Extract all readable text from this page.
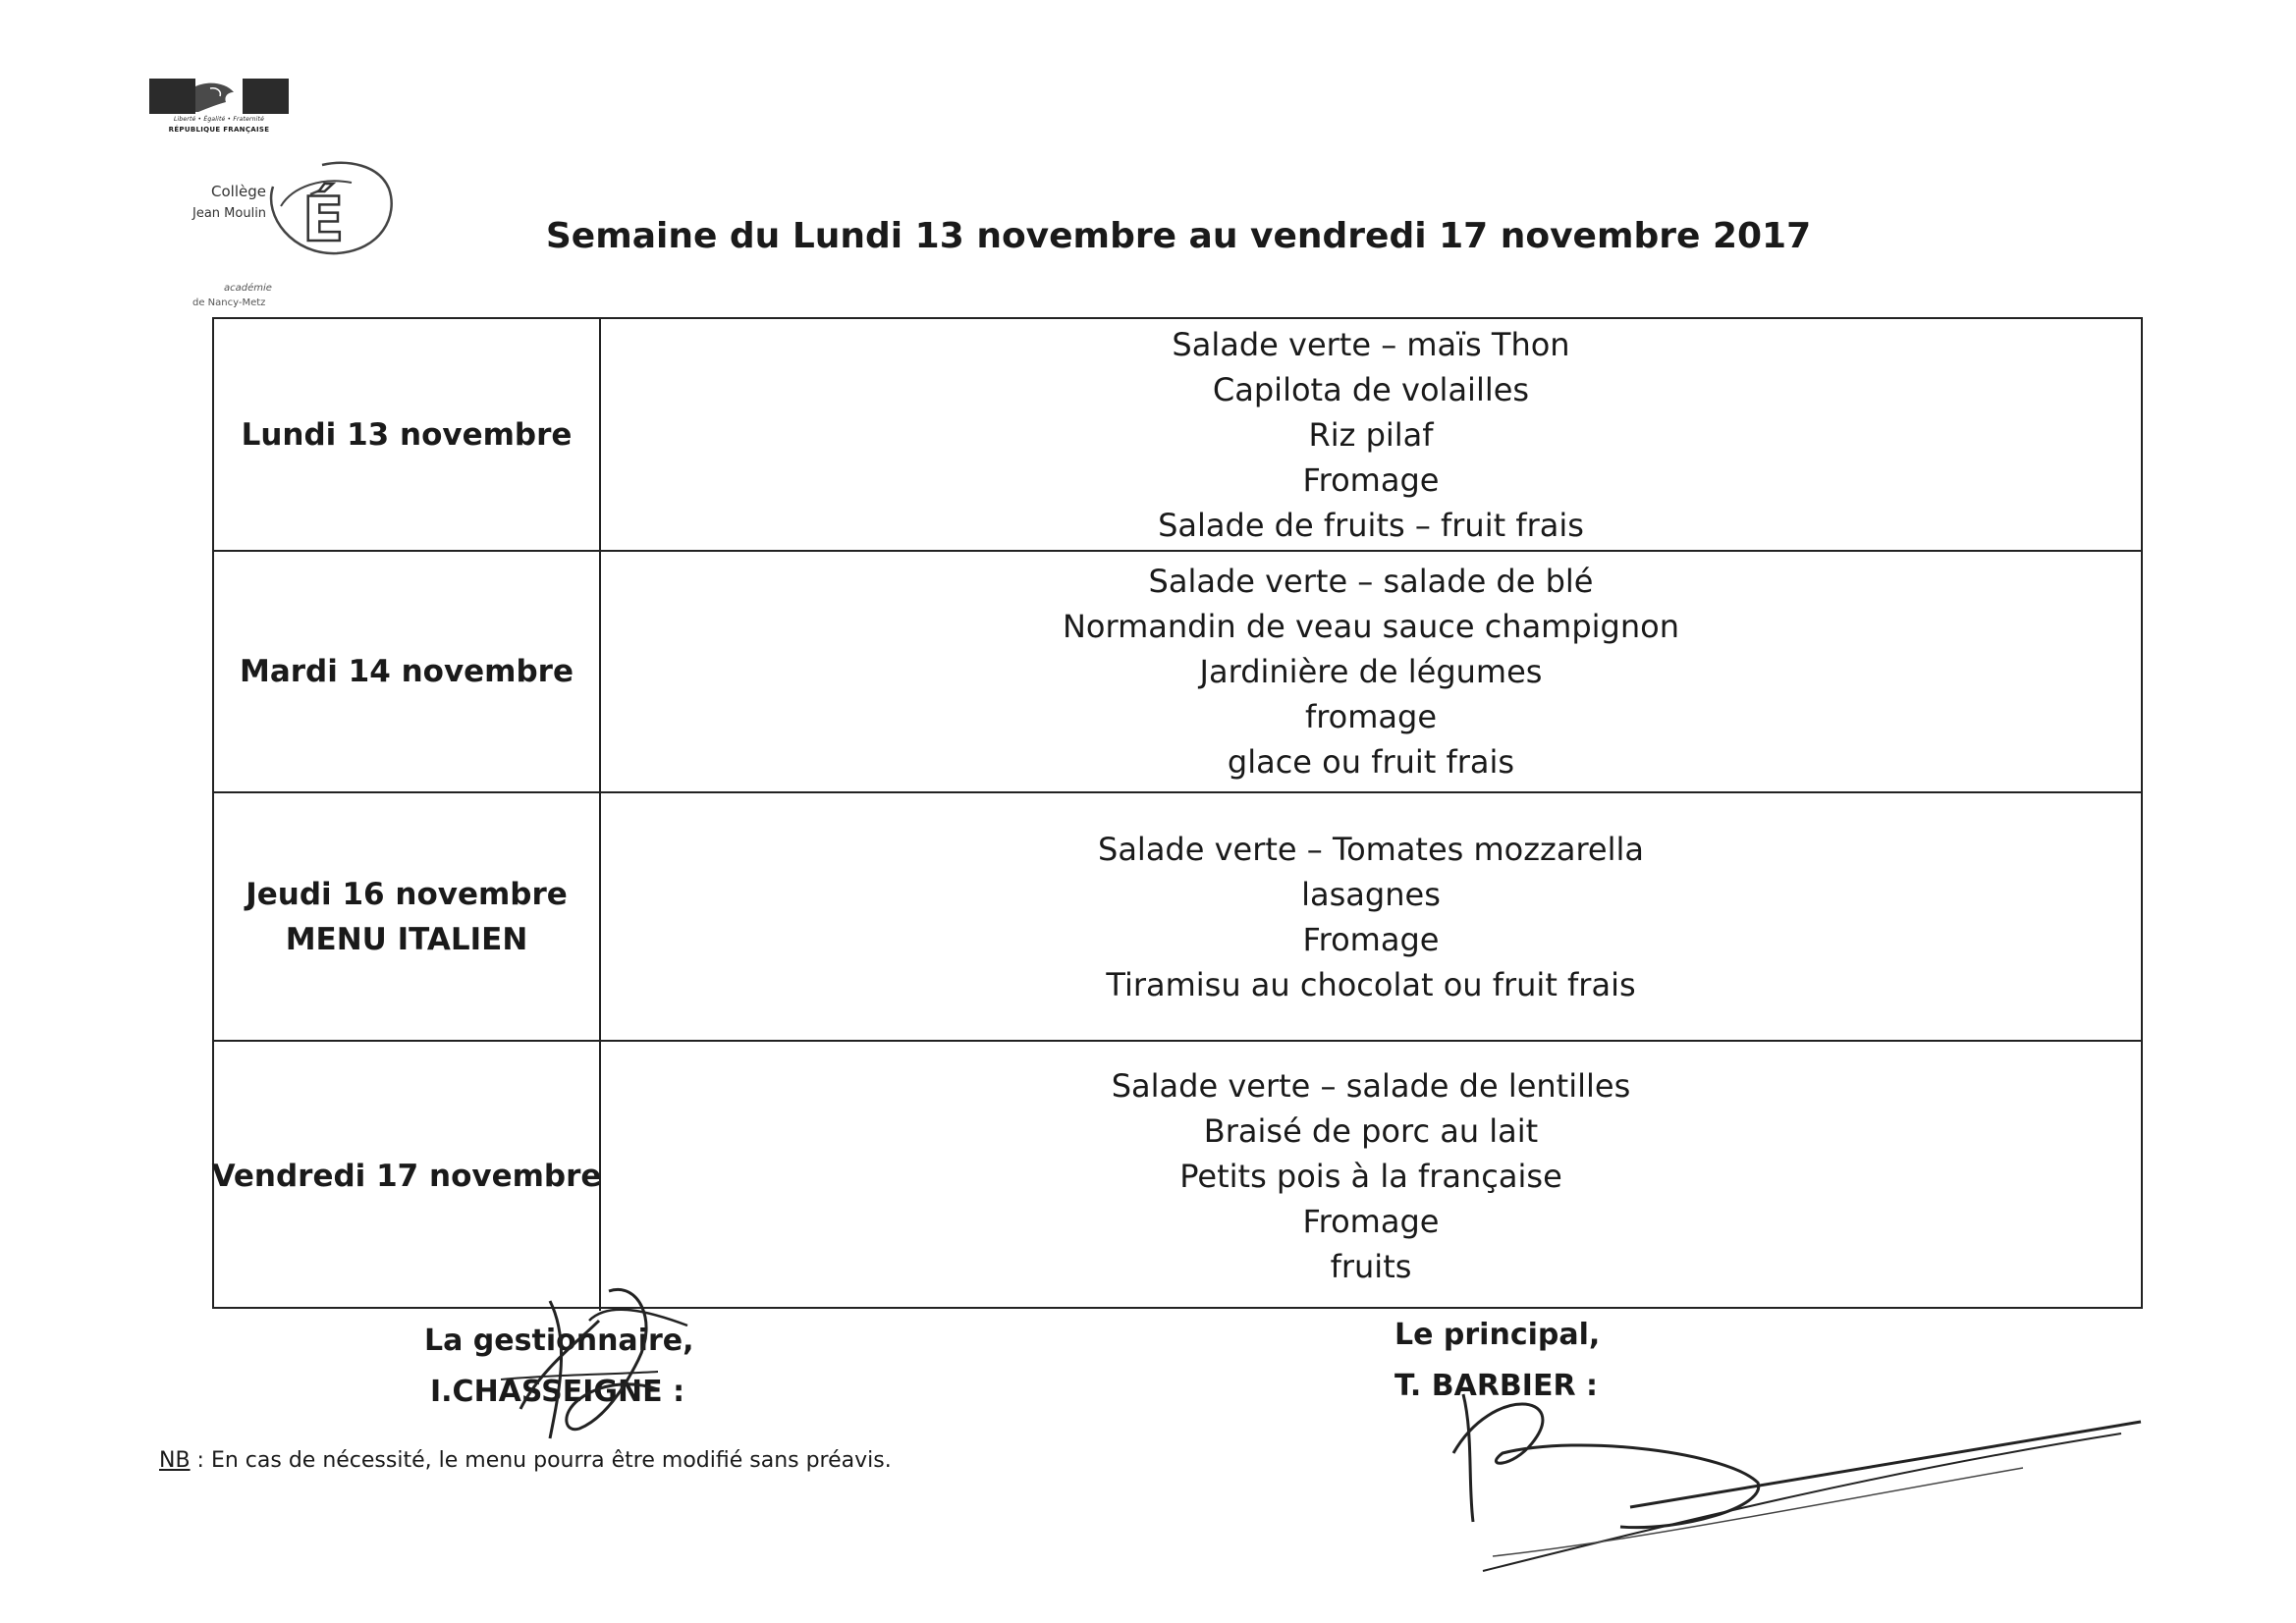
Liberté • Égalité • Fraternité
RÉPUBLIQUE FRANÇAISE
Collège
Jean Moulin É
académie
de Nancy-Metz
Semaine du Lundi 13 novembre au vendredi 17 novembre 2017
Lundi 13 novembre
Salade verte – maïs Thon
Capilota de volailles
Riz pilaf
Fromage
Salade de fruits – fruit frais
Mardi 14 novembre
Salade verte – salade de blé
Normandin de veau sauce champignon
Jardinière de légumes
fromage
glace ou fruit frais
Jeudi 16 novembre
MENU ITALIEN
Salade verte – Tomates mozzarella
lasagnes
Fromage
Tiramisu au chocolat ou fruit frais
Vendredi 17 novembre
Salade verte – salade de lentilles
Braisé de porc au lait
Petits pois à la française
Fromage
fruits
La gestionnaire,
I.CHASSEIGNE :
Le principal,
T. BARBIER :
NB : En cas de nécessité, le menu pourra être modifié sans préavis.
